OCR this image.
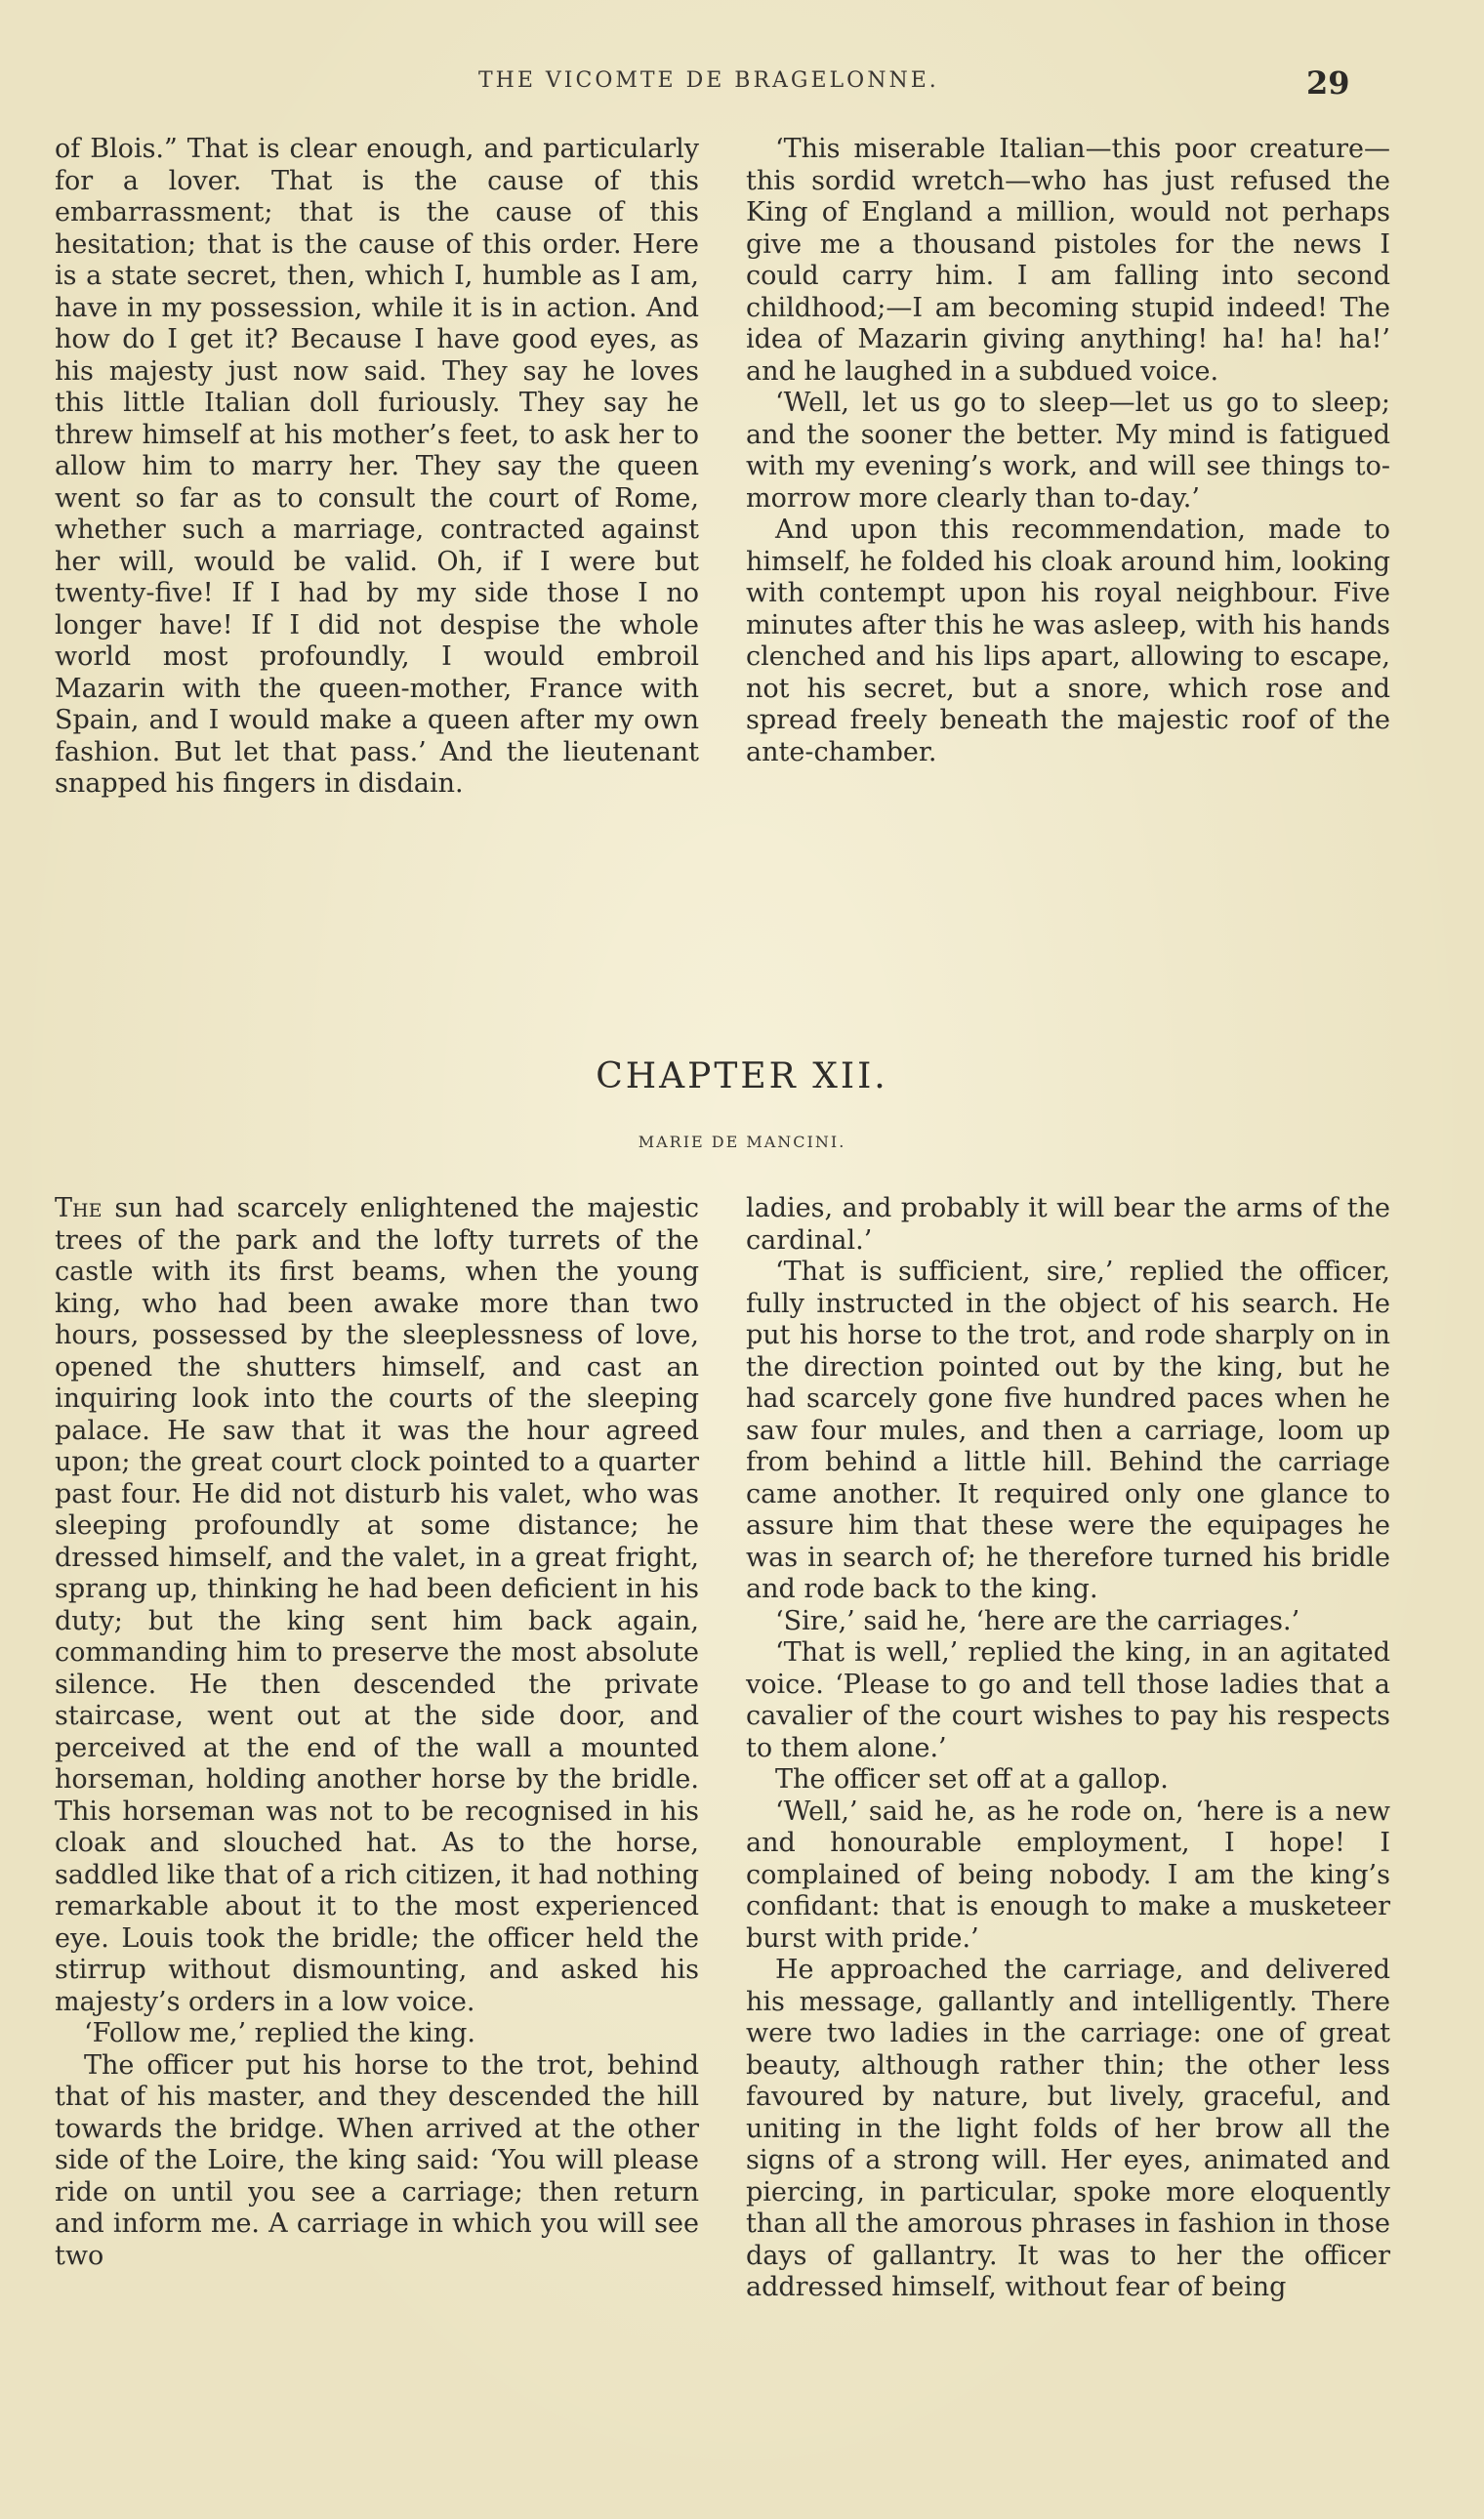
THE VICOMTE DE BRAGELONNE.	29

of Blois.” That is clear enough, and particularly for a lover. That is the cause of this embarrassment; that is the cause of this hesitation; that is the cause of this order. Here is a state secret, then, which I, humble as I am, have in my possession, while it is in action. And how do I get it? Because I have good eyes, as his majesty just now said. They say he loves this little Italian doll furiously. They say he threw himself at his mother’s feet, to ask her to allow him to marry her. They say the queen went so far as to consult the court of Rome, whether such a marriage, contracted against her will, would be valid. Oh, if I were but twenty-five! If I had by my side those I no longer have! If I did not despise the whole world most profoundly, I would embroil Mazarin with the queen-mother, France with Spain, and I would make a queen after my own fashion. But let that pass.’ And the lieutenant snapped his fingers in disdain.

‘This miserable Italian—this poor creature—this sordid wretch—who has just refused the King of England a million, would not perhaps give me a thousand pistoles for the news I could carry him. I am falling into second childhood;—I am becoming stupid indeed! The idea of Mazarin giving anything! ha! ha! ha!’ and he laughed in a subdued voice.

‘Well, let us go to sleep—let us go to sleep; and the sooner the better. My mind is fatigued with my evening’s work, and will see things to-morrow more clearly than to-day.’

And upon this recommendation, made to himself, he folded his cloak around him, looking with contempt upon his royal neighbour. Five minutes after this he was asleep, with his hands clenched and his lips apart, allowing to escape, not his secret, but a snore, which rose and spread freely beneath the majestic roof of the ante-chamber.

CHAPTER XII.
MARIE DE MANCINI.

The sun had scarcely enlightened the majestic trees of the park and the lofty turrets of the castle with its first beams, when the young king, who had been awake more than two hours, possessed by the sleeplessness of love, opened the shutters himself, and cast an inquiring look into the courts of the sleeping palace. He saw that it was the hour agreed upon; the great court clock pointed to a quarter past four. He did not disturb his valet, who was sleeping profoundly at some distance; he dressed himself, and the valet, in a great fright, sprang up, thinking he had been deficient in his duty; but the king sent him back again, commanding him to preserve the most absolute silence. He then descended the private staircase, went out at the side door, and perceived at the end of the wall a mounted horseman, holding another horse by the bridle. This horseman was not to be recognised in his cloak and slouched hat. As to the horse, saddled like that of a rich citizen, it had nothing remarkable about it to the most experienced eye. Louis took the bridle; the officer held the stirrup without dismounting, and asked his majesty’s orders in a low voice.

‘Follow me,’ replied the king.

The officer put his horse to the trot, behind that of his master, and they descended the hill towards the bridge. When arrived at the other side of the Loire, the king said: ‘You will please ride on until you see a carriage; then return and inform me. A carriage in which you will see two

ladies, and probably it will bear the arms of the cardinal.’

‘That is sufficient, sire,’ replied the officer, fully instructed in the object of his search. He put his horse to the trot, and rode sharply on in the direction pointed out by the king, but he had scarcely gone five hundred paces when he saw four mules, and then a carriage, loom up from behind a little hill. Behind the carriage came another. It required only one glance to assure him that these were the equipages he was in search of; he therefore turned his bridle and rode back to the king.

‘Sire,’ said he, ‘here are the carriages.’

‘That is well,’ replied the king, in an agitated voice. ‘Please to go and tell those ladies that a cavalier of the court wishes to pay his respects to them alone.’

The officer set off at a gallop.

‘Well,’ said he, as he rode on, ‘here is a new and honourable employment, I hope! I complained of being nobody. I am the king’s confidant: that is enough to make a musketeer burst with pride.’

He approached the carriage, and delivered his message, gallantly and intelligently. There were two ladies in the carriage: one of great beauty, although rather thin; the other less favoured by nature, but lively, graceful, and uniting in the light folds of her brow all the signs of a strong will. Her eyes, animated and piercing, in particular, spoke more eloquently than all the amorous phrases in fashion in those days of gallantry. It was to her the officer addressed himself, without fear of being
